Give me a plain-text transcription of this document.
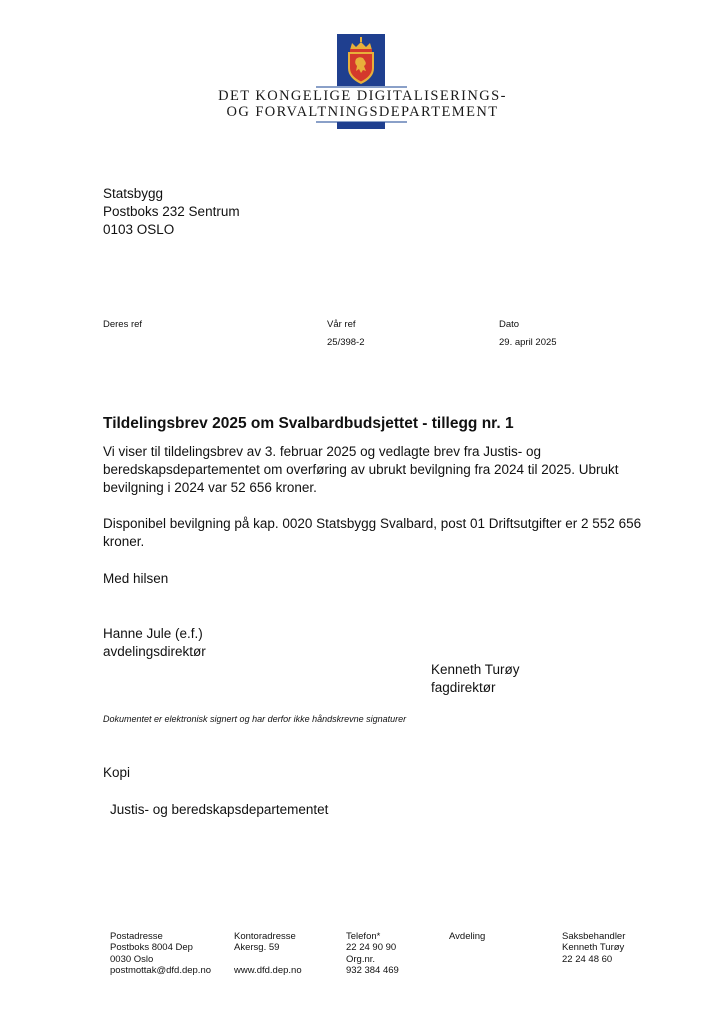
DET KONGELIGE DIGITALISERINGS-
OG FORVALTNINGSDEPARTEMENT
Statsbygg
Postboks 232 Sentrum
0103 OSLO
Deres ref	Vår ref
25/398-2
Dato
29. april 2025
Tildelingsbrev 2025 om Svalbardbudsjettet - tillegg nr. 1
Vi viser til tildelingsbrev av 3. februar 2025 og vedlagte brev fra Justis- og
beredskapsdepartementet om overføring av ubrukt bevilgning fra 2024 til 2025. Ubrukt
bevilgning i 2024 var 52 656 kroner.
Disponibel bevilgning på kap. 0020 Statsbygg Svalbard, post 01 Driftsutgifter er 2 552 656
kroner.
Med hilsen
Hanne Jule (e.f.)
avdelingsdirektør
Kenneth Turøy
fagdirektør
Dokumentet er elektronisk signert og har derfor ikke håndskrevne signaturer
Kopi
Justis- og beredskapsdepartementet
Postadresse
Postboks 8004 Dep
0030 Oslo
postmottak@dfd.dep.no
Kontoradresse
Akersg. 59

www.dfd.dep.no
Telefon*
22 24 90 90
Org.nr.
932 384 469
Avdeling	Saksbehandler
Kenneth Turøy
22 24 48 60
